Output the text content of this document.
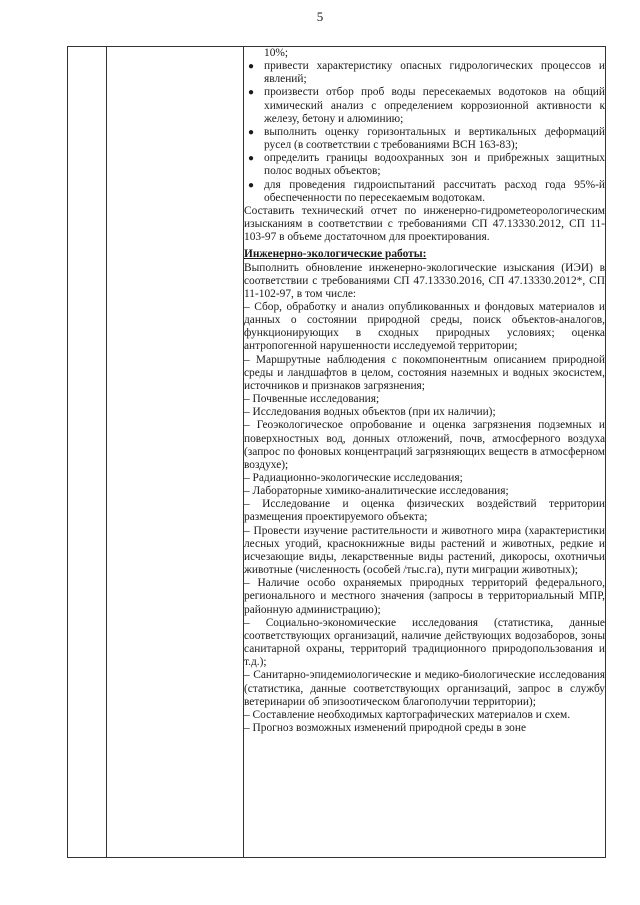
5

10%;

● привести характеристику опасных гидрологических процессов и явлений;
● произвести отбор проб воды пересекаемых водотоков на общий химический анализ с определением коррозионной активности к железу, бетону и алюминию;
● выполнить оценку горизонтальных и вертикальных деформаций русел (в соответствии с требованиями ВСН 163-83);
● определить границы водоохранных зон и прибрежных защитных полос водных объектов;
● для проведения гидроиспытаний рассчитать расход года 95%-й обеспеченности по пересекаемым водотокам.

Составить технический отчет по инженерно-гидрометеорологическим изысканиям в соответствии с требованиями СП 47.13330.2012, СП 11-103-97 в объеме достаточном для проектирования.

Инженерно-экологические работы:

Выполнить обновление инженерно-экологические изыскания (ИЭИ) в соответствии с требованиями СП 47.13330.2016, СП 47.13330.2012*, СП 11-102-97, в том числе:

– Сбор, обработку и анализ опубликованных и фондовых материалов и данных о состоянии природной среды, поиск объектов-аналогов, функционирующих в сходных природных условиях; оценка антропогенной нарушенности исследуемой территории;

– Маршрутные наблюдения с покомпонентным описанием природной среды и ландшафтов в целом, состояния наземных и водных экосистем, источников и признаков загрязнения;

– Почвенные исследования;

– Исследования водных объектов (при их наличии);

– Геоэкологическое опробование и оценка загрязнения подземных и поверхностных вод, донных отложений, почв, атмосферного воздуха (запрос по фоновых концентраций загрязняющих веществ в атмосферном воздухе);

– Радиационно-экологические исследования;

– Лабораторные химико-аналитические исследования;

– Исследование и оценка физических воздействий территории размещения проектируемого объекта;

– Провести изучение растительности и животного мира (характеристики лесных угодий, краснокнижные виды растений и животных, редкие и исчезающие виды, лекарственные виды растений, дикоросы, охотничьи животные (численность (особей /тыс.га), пути миграции животных);

– Наличие особо охраняемых природных территорий федерального, регионального и местного значения (запросы в территориальный МПР, районную администрацию);

– Социально-экономические исследования (статистика, данные соответствующих организаций, наличие действующих водозаборов, зоны санитарной охраны, территорий традиционного природопользования и т.д.);

– Санитарно-эпидемиологические и медико-биологические исследования (статистика, данные соответствующих организаций, запрос в службу ветеринарии об эпизоотическом благополучии территории);

– Составление необходимых картографических материалов и схем.

– Прогноз возможных изменений природной среды в зоне
